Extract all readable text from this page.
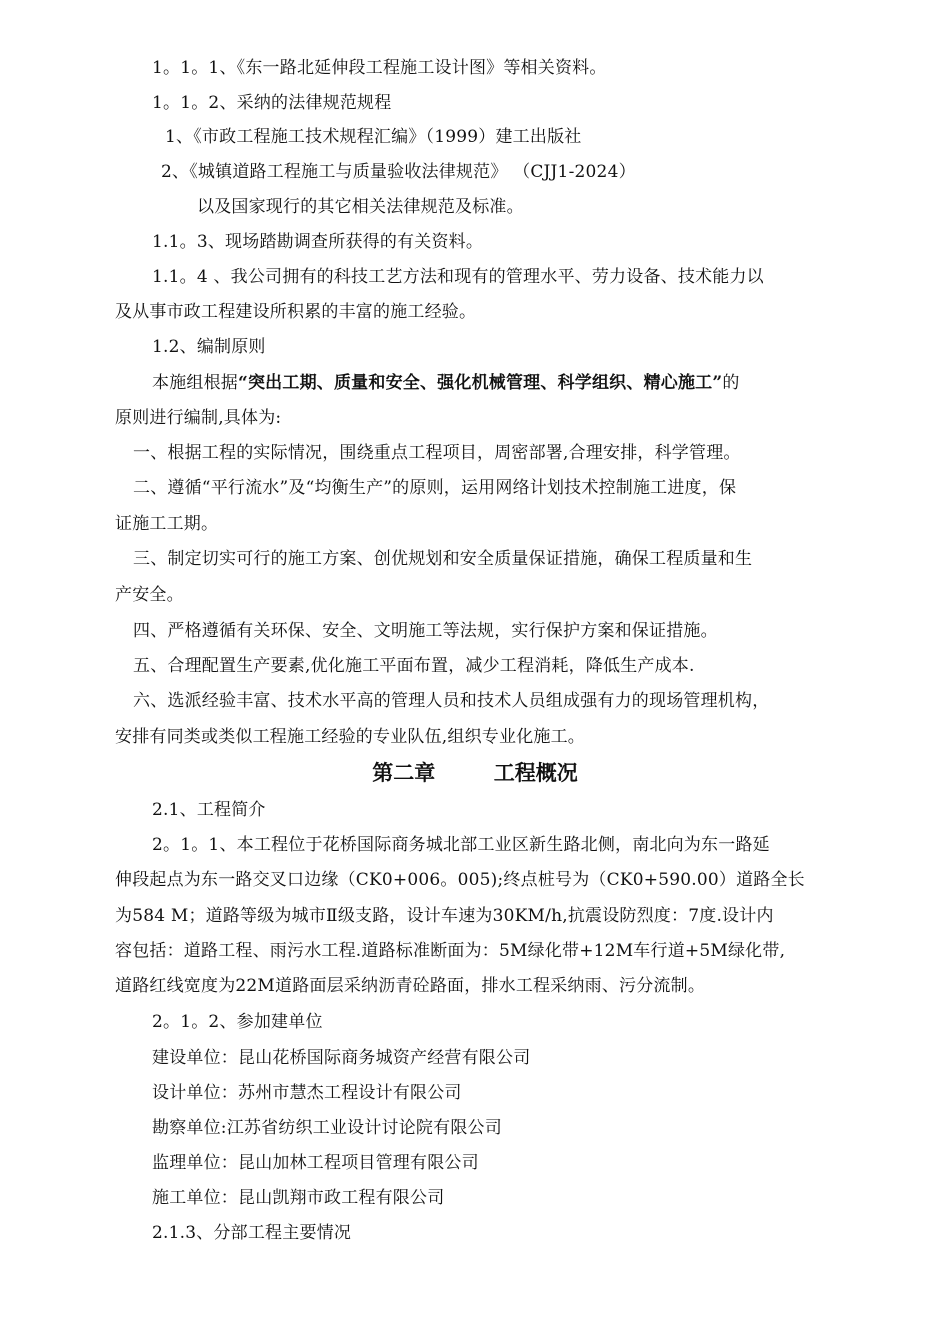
1。1。1、《东一路北延伸段工程施工设计图》等相关资料。
1。1。2、采纳的法律规范规程
1、《市政工程施工技术规程汇编》（1999）建工出版社
2、《城镇道路工程施工与质量验收法律规范》 （CJJ1-2024）
以及国家现行的其它相关法律规范及标准。
1.1。3、现场踏勘调查所获得的有关资料。
1.1。4 、我公司拥有的科技工艺方法和现有的管理水平、劳力设备、技术能力以
及从事市政工程建设所积累的丰富的施工经验。
1.2、编制原则
本施组根据“突出工期、质量和安全、强化机械管理、科学组织、精心施工”的
原则进行编制,具体为:
一、根据工程的实际情况，围绕重点工程项目，周密部署,合理安排，科学管理。
二、遵循“平行流水”及“均衡生产”的原则，运用网络计划技术控制施工进度，保
证施工工期。
三、制定切实可行的施工方案、创优规划和安全质量保证措施，确保工程质量和生
产安全。
四、严格遵循有关环保、安全、文明施工等法规，实行保护方案和保证措施。
五、合理配置生产要素,优化施工平面布置，减少工程消耗，降低生产成本.
六、选派经验丰富、技术水平高的管理人员和技术人员组成强有力的现场管理机构，
安排有同类或类似工程施工经验的专业队伍,组织专业化施工。
第二章        工程概况
2.1、工程简介
2。1。1、本工程位于花桥国际商务城北部工业区新生路北侧，南北向为东一路延
伸段起点为东一路交叉口边缘（CK0+006。005);终点桩号为（CK0+590.00）道路全长
为584 M；道路等级为城市Ⅱ级支路，设计车速为30KM/h,抗震设防烈度：7度.设计内
容包括：道路工程、雨污水工程.道路标准断面为：5M绿化带+12M车行道+5M绿化带,
道路红线宽度为22M道路面层采纳沥青砼路面，排水工程采纳雨、污分流制。
2。1。2、参加建单位
建设单位：昆山花桥国际商务城资产经营有限公司
设计单位：苏州市慧杰工程设计有限公司
勘察单位:江苏省纺织工业设计讨论院有限公司
监理单位：昆山加林工程项目管理有限公司
施工单位：昆山凯翔市政工程有限公司
2.1.3、分部工程主要情况
